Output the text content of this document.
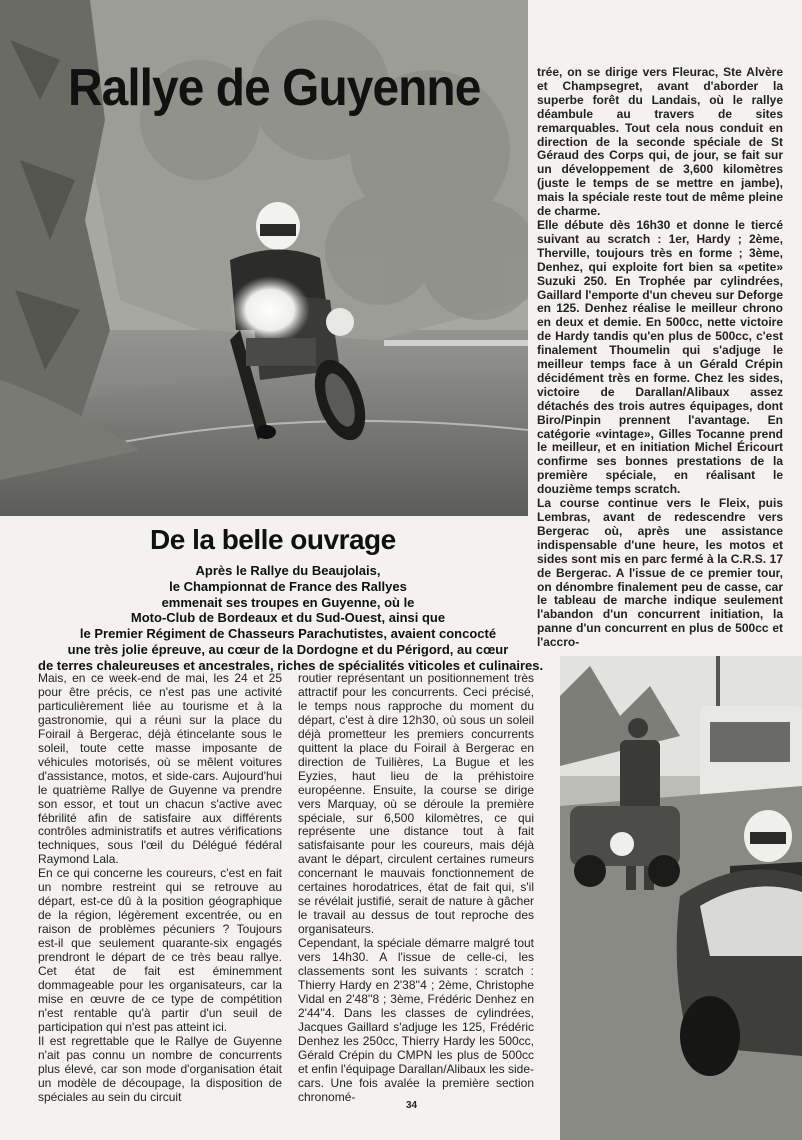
Rallye de Guyenne	trée, on se dirige vers Fleurac, Ste Alvère et Champsegret, avant d'aborder la superbe forêt du Landais, où le rallye déambule au travers de sites remarquables. Tout cela nous conduit en direction de la seconde spéciale de St Géraud des Corps qui, de jour, se fait sur un développement de 3,600 kilomètres (juste le temps de se mettre en jambe), mais la spéciale reste tout de même pleine de charme.

Elle débute dès 16h30 et donne le tiercé suivant au scratch : 1er, Hardy ; 2ème, Therville, toujours très en forme ; 3ème, Denhez, qui exploite fort bien sa «petite» Suzuki 250. En Trophée par cylindrées, Gaillard l'emporte d'un cheveu sur Deforge en 125. Denhez réalise le meilleur chrono en deux et demie. En 500cc, nette victoire de Hardy tandis qu'en plus de 500cc, c'est finalement Thoumelin qui s'adjuge le meilleur temps face à un Gérald Crépin décidément très en forme. Chez les sides, victoire de Darallan/Alibaux assez détachés des trois autres équipages, dont Biro/Pinpin prennent l'avantage. En catégorie «vintage», Gilles Tocanne prend le meilleur, et en initiation Michel Éricourt confirme ses bonnes prestations de la première spéciale, en réalisant le douzième temps scratch.

La course continue vers le Fleix, puis Lembras, avant de redescendre vers Bergerac où, après une assistance indispensable d'une heure, les motos et sides sont mis en parc fermé à la C.R.S. 17 de Bergerac. A l'issue de ce premier tour, on dénombre finalement peu de casse, car le tableau de marche indique seulement l'abandon d'un concurrent initiation, la panne d'un concurrent en plus de 500cc et l'accro-

De la belle ouvrage
Après le Rallye du Beaujolais,
le Championnat de France des Rallyes
emmenait ses troupes en Guyenne, où le
Moto-Club de Bordeaux et du Sud-Ouest, ainsi que
le Premier Régiment de Chasseurs Parachutistes, avaient concocté
une très jolie épreuve, au cœur de la Dordogne et du Périgord, au cœur
de terres chaleureuses et ancestrales, riches de spécialités viticoles et culinaires.

Mais, en ce week-end de mai, les 24 et 25 pour être précis, ce n'est pas une activité particulièrement liée au tourisme et à la gastronomie, qui a réuni sur la place du Foirail à Bergerac, déjà étincelante sous le soleil, toute cette masse imposante de véhicules motorisés, où se mêlent voitures d'assistance, motos, et side-cars. Aujourd'hui le quatrième Rallye de Guyenne va prendre son essor, et tout un chacun s'active avec fébrilité afin de satisfaire aux différents contrôles administratifs et autres vérifications techniques, sous l'œil du Délégué fédéral Raymond Lala.

En ce qui concerne les coureurs, c'est en fait un nombre restreint qui se retrouve au départ, est-ce dû à la position géographique de la région, légèrement excentrée, ou en raison de problèmes pécuniers ? Toujours est-il que seulement quarante-six engagés prendront le départ de ce très beau rallye. Cet état de fait est éminemment dommageable pour les organisateurs, car la mise en œuvre de ce type de compétition n'est rentable qu'à partir d'un seuil de participation qui n'est pas atteint ici.

Il est regrettable que le Rallye de Guyenne n'ait pas connu un nombre de concurrents plus élevé, car son mode d'organisation était un modèle de découpage, la disposition de spéciales au sein du circuit

routier représentant un positionnement très attractif pour les concurrents. Ceci précisé, le temps nous rapproche du moment du départ, c'est à dire 12h30, où sous un soleil déjà prometteur les premiers concurrents quittent la place du Foirail à Bergerac en direction de Tuilières, La Bugue et les Eyzies, haut lieu de la préhistoire européenne. Ensuite, la course se dirige vers Marquay, où se déroule la première spéciale, sur 6,500 kilomètres, ce qui représente une distance tout à fait satisfaisante pour les coureurs, mais déjà avant le départ, circulent certaines rumeurs concernant le mauvais fonctionnement de certaines horodatrices, état de fait qui, s'il se révélait justifié, serait de nature à gâcher le travail au dessus de tout reproche des organisateurs.

Cependant, la spéciale démarre malgré tout vers 14h30. A l'issue de celle-ci, les classements sont les suivants : scratch : Thierry Hardy en 2'38''4 ; 2ème, Christophe Vidal en 2'48''8 ; 3ème, Frédéric Denhez en 2'44''4. Dans les classes de cylindrées, Jacques Gaillard s'adjuge les 125, Frédéric Denhez les 250cc, Thierry Hardy les 500cc, Gérald Crépin du CMPN les plus de 500cc et enfin l'équipage Darallan/Alibaux les side-cars. Une fois avalée la première section chronomé-

34
